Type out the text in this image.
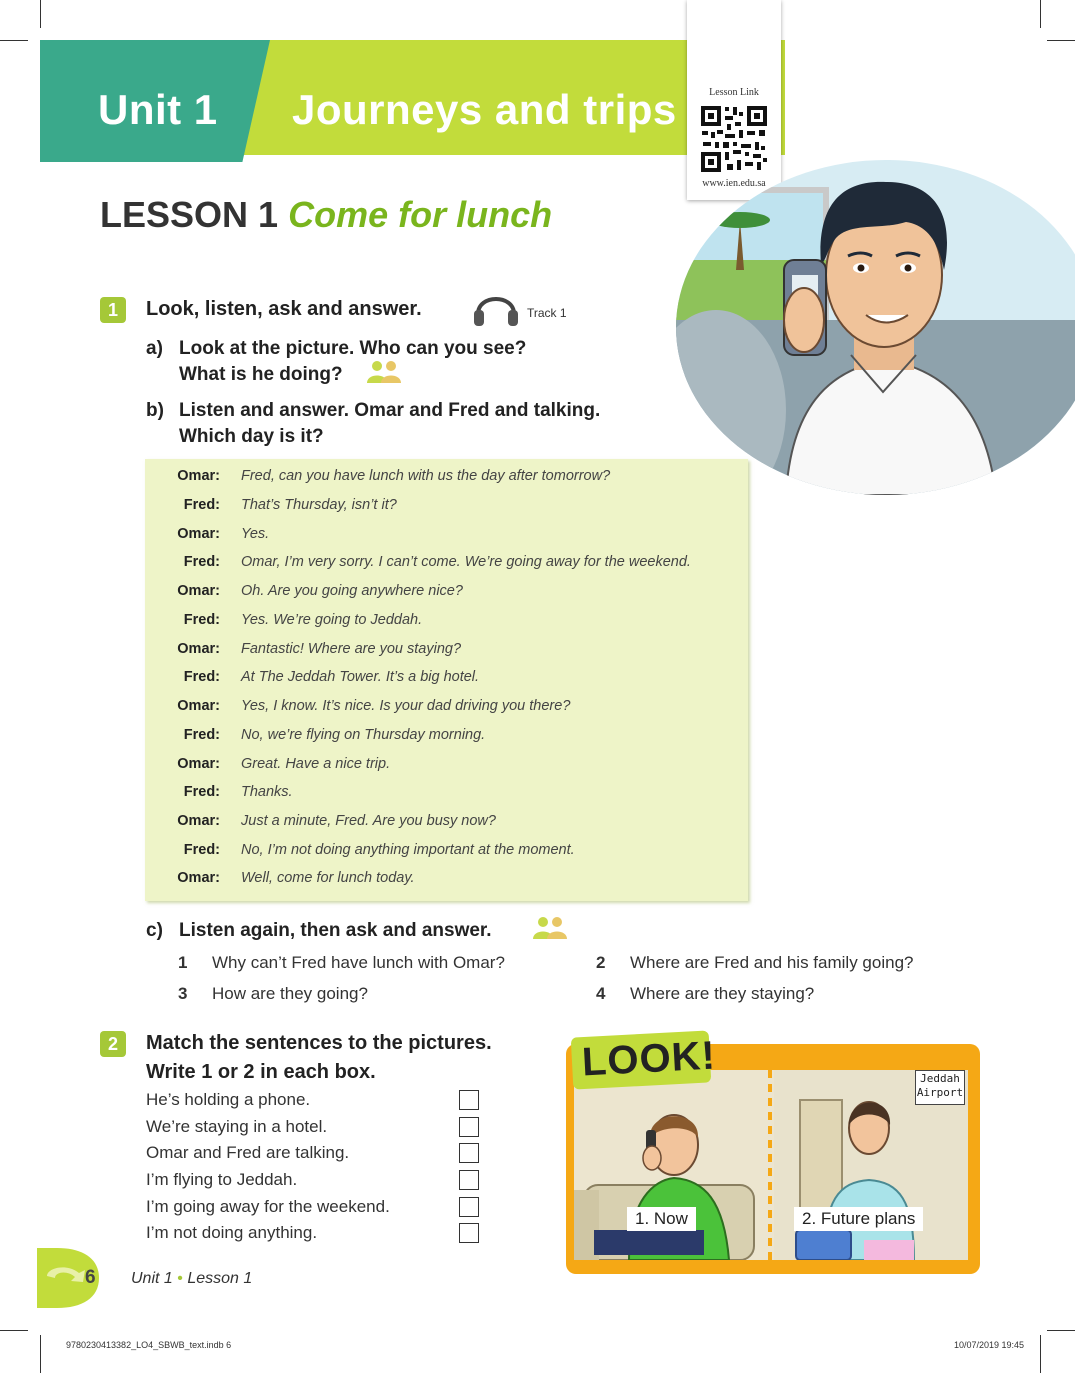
Unit 1 Journeys and trips	Lesson Link
www.ien.edu.sa
LESSON 1 Come for lunch
1	Look, listen, ask and answer.	Track 1
a) Look at the picture. Who can you see?
What is he doing?
b) Listen and answer. Omar and Fred and talking.
Which day is it?
Omar: Fred, can you have lunch with us the day after tomorrow?
Fred: That’s Thursday, isn’t it?
Omar: Yes.
Fred: Omar, I’m very sorry. I can’t come. We’re going away for the weekend.
Omar: Oh. Are you going anywhere nice?
Fred: Yes. We’re going to Jeddah.
Omar: Fantastic! Where are you staying?
Fred: At The Jeddah Tower. It’s a big hotel.
Omar: Yes, I know. It’s nice. Is your dad driving you there?
Fred: No, we’re flying on Thursday morning.
Omar: Great. Have a nice trip.
Fred: Thanks.
Omar: Just a minute, Fred. Are you busy now?
Fred: No, I’m not doing anything important at the moment.
Omar: Well, come for lunch today.
c) Listen again, then ask and answer.
1 Why can’t Fred have lunch with Omar?	2 Where are Fred and his family going?
3 How are they going?	4 Where are they staying?
2	Match the sentences to the pictures.
Write 1 or 2 in each box.
He’s holding a phone.
We’re staying in a hotel.
Omar and Fred are talking.
I’m flying to Jeddah.
I’m going away for the weekend.
I’m not doing anything.
Jeddah
Airport
LOOK!
1. Now	2. Future plans
6 Unit 1 • Lesson 1
9780230413382_LO4_SBWB_text.indb 6	10/07/2019 19:45
